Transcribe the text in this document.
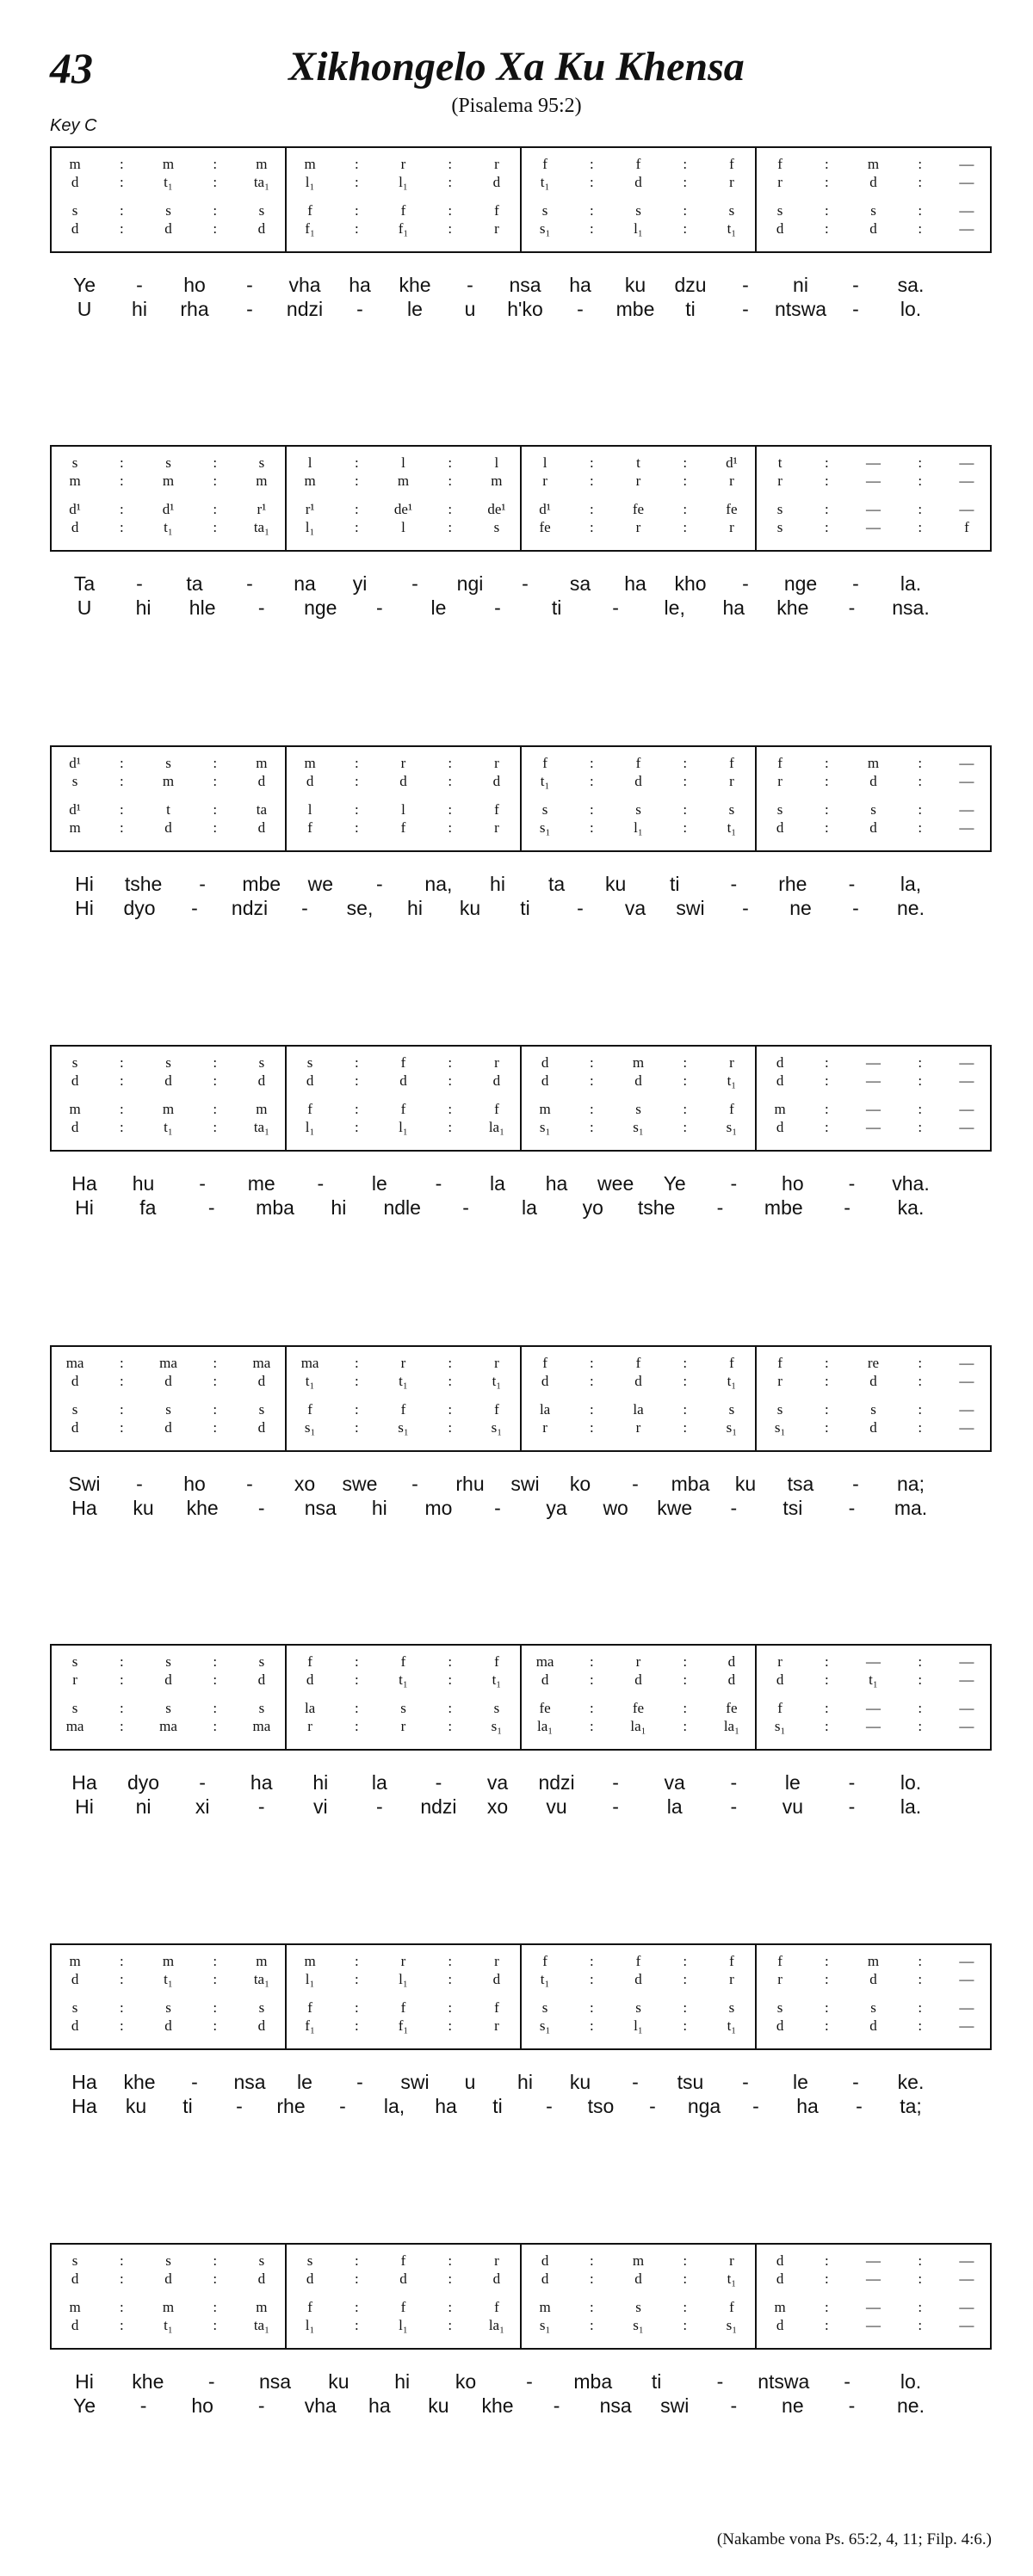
43	Xikhongelo Xa Ku Khensa
(Pisalema 95:2)
Key C
m	:	m	:	m
d	:	t₁	:	ta₁
s	:	s	:	s
d	:	d	:	d
m	:	r	:	r
l₁	:	l₁	:	d
f	:	f	:	f
f₁	:	f₁	:	r
f	:	f	:	f
t₁	:	d	:	r
s	:	s	:	s
s₁	:	l₁	:	t₁
f	:	m	:	—
r	:	d	:	—
s	:	s	:	—
d	:	d	:	—
Ye - ho - vha ha khe - nsa ha ku dzu - ni - sa.
U hi rha - ndzi - le u h'ko - mbe ti - ntswa - lo.
s	:	s	:	s
m	:	m	:	m
d¹	:	d¹	:	r¹
d	:	t₁	:	ta₁
l	:	l	:	l
m	:	m	:	m
r¹	:	de¹	:	de¹
l₁	:	l	:	s
l	:	t	:	d¹
r	:	r	:	r
d¹	:	fe	:	fe
fe	:	r	:	r
t	:	—	:	—
r	:	—	:	—
s	:	—	:	—
s	:	—	:	f
Ta - ta - na yi - ngi - sa ha kho - nge - la.
U hi hle - nge - le -	ti	- le, ha khe - nsa.
d¹	:	s	:	m
s	:	m	:	d
d¹	:	t	:	ta
m	:	d	:	d
m	:	r	:	r
d	:	d	:	d
l	:	l	:	f
f	:	f	:	r
f	:	f	:	f
t₁	:	d	:	r
s	:	s	:	s
s₁	:	l₁	:	t₁
f	:	m	:	—
r	:	d	:	—
s	:	s	:	—
d	:	d	:	—
Hi tshe - mbe we - na, hi ta ku ti	- rhe - la,
Hi dyo - ndzi - se, hi ku ti - va swi - ne - ne.
s	:	s	:	s
d	:	d	:	d
m	:	m	:	m
d	:	t₁	:	ta₁
s	:	f	:	r
d	:	d	:	d
f	:	f	:	f
l₁	:	l₁	:	la₁
d	:	m	:	r
d	:	d	:	t₁
m	:	s	:	f
s₁	:	s₁	:	s₁
d	:	—	:	—
d	:	—	:	—
m	:	—	:	—
d	:	—	:	—
Ha hu - me - le - la ha wee Ye - ho - vha.
Hi fa	- mba hi ndle -	la yo tshe - mbe - ka.
ma	:	ma	:	ma
d	:	d	:	d
s	:	s	:	s
d	:	d	:	d
ma	:	r	:	r
t₁	:	t₁	:	t₁
f	:	f	:	f
s₁	:	s₁	:	s₁
f	:	f	:	f
d	:	d	:	t₁
la	:	la	:	s
r	:	r	:	s₁
f	:	re	:	—
r	:	d	:	—
s	:	s	:	—
s₁	:	d	:	—
Swi - ho - xo swe - rhu swi ko - mba ku tsa - na;
Ha ku khe - nsa hi mo - ya wo kwe - tsi - ma.
s	:	s	:	s
r	:	d	:	d
s	:	s	:	s
ma	:	ma	:	ma
f	:	f	:	f
d	:	t₁	:	t₁
la	:	s	:	s
r	:	r	:	s₁
ma	:	r	:	d
d	:	d	:	d
fe	:	fe	:	fe
la₁	:	la₁	:	la₁
r	:	—	:	—
d	:	t₁	:	—
f	:	—	:	—
s₁	:	—	:	—
Ha dyo - ha hi la - va ndzi - va - le - lo.
Hi ni xi - vi - ndzi xo vu - la - vu - la.
m	:	m	:	m
d	:	t₁	:	ta₁
s	:	s	:	s
d	:	d	:	d
m	:	r	:	r
l₁	:	l₁	:	d
f	:	f	:	f
f₁	:	f₁	:	r
f	:	f	:	f
t₁	:	d	:	r
s	:	s	:	s
s₁	:	l₁	:	t₁
f	:	m	:	—
r	:	d	:	—
s	:	s	:	—
d	:	d	:	—
Ha khe - nsa le - swi u hi ku - tsu - le - ke.
Ha ku ti - rhe - la, ha ti - tso - nga - ha - ta;
s	:	s	:	s
d	:	d	:	d
m	:	m	:	m
d	:	t₁	:	ta₁
s	:	f	:	r
d	:	d	:	d
f	:	f	:	f
l₁	:	l₁	:	la₁
d	:	m	:	r
d	:	d	:	t₁
m	:	s	:	f
s₁	:	s₁	:	s₁
d	:	—	:	—
d	:	—	:	—
m	:	—	:	—
d	:	—	:	—
Hi khe - nsa ku hi ko	- mba ti	- ntswa -	lo.
Ye - ho - vha ha ku khe - nsa swi - ne - ne.
(Nakambe vona Ps. 65:2, 4, 11; Filp. 4:6.)
